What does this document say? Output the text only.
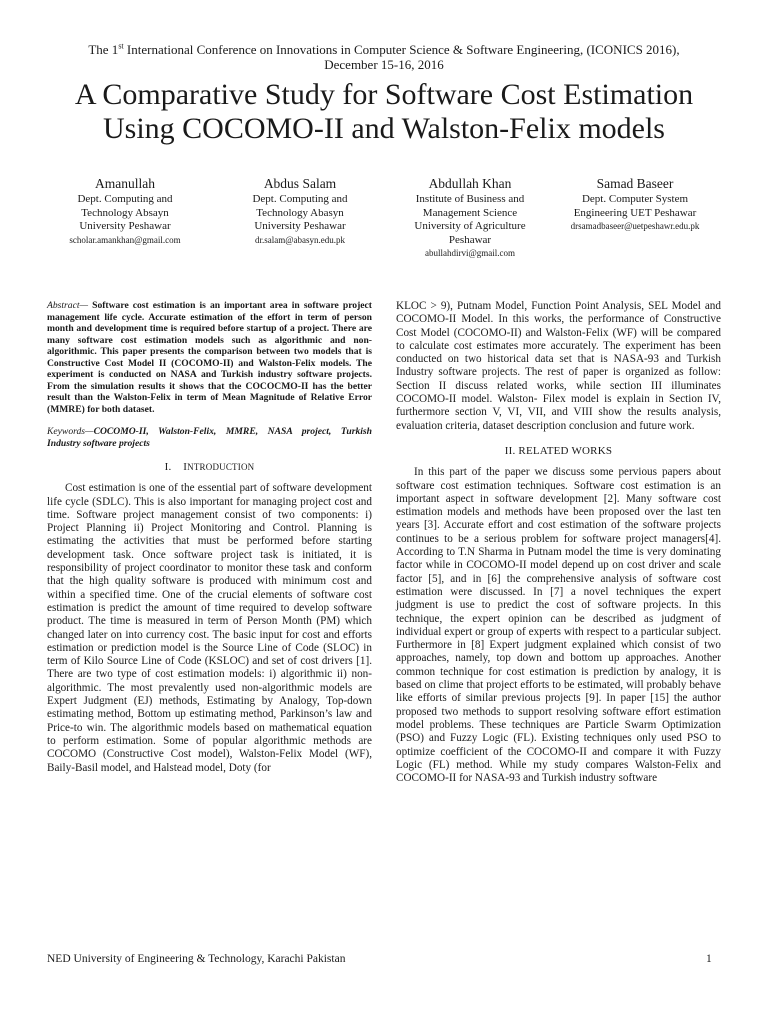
The 1st International Conference on Innovations in Computer Science & Software Engineering, (ICONICS 2016),
December 15-16, 2016
A Comparative Study for Software Cost Estimation
Using COCOMO-II and Walston-Felix models
Amanullah
Dept. Computing and
Technology Absayn
University Peshawar
scholar.amankhan@gmail.com
Abdus Salam
Dept. Computing and
Technology Abasyn
University Peshawar
dr.salam@abasyn.edu.pk
Abdullah Khan
Institute of Business and
Management Science
University of Agriculture
Peshawar
abullahdirvi@gmail.com
Samad Baseer
Dept. Computer System
Engineering UET Peshawar
drsamadbaseer@uetpeshawr.edu.pk

Abstract— Software cost estimation is an important area in software project management life cycle. Accurate estimation of the effort in term of person month and development time is required before startup of a project. There are many software cost estimation models such as algorithmic and non-algorithmic. This paper presents the comparison between two models that is Constructive Cost Model II (COCOMO-II) and Walston-Felix models. The experiment is conducted on NASA and Turkish industry software projects. From the simulation results it shows that the COCOCMO-II has the better result than the Walston-Felix in term of Mean Magnitude of Relative Error (MMRE) for both dataset.

Keywords—COCOMO-II, Walston-Felix, MMRE, NASA project, Turkish Industry software projects

I. INTRODUCTION

Cost estimation is one of the essential part of software development life cycle (SDLC). This is also important for managing project cost and time. Software project management consist of two components: i) Project Planning ii) Project Monitoring and Control. Planning is estimating the activities that must be performed before starting development task. Once software project task is initiated, it is responsibility of project coordinator to monitor these task and conform that the high quality software is produced with minimum cost and within a specified time. One of the crucial elements of software cost estimation is predict the amount of time required to develop software product. The time is measured in term of Person Month (PM) which changed later on into currency cost. The basic input for cost and efforts estimation or prediction model is the Source Line of Code (SLOC) in term of Kilo Source Line of Code (KSLOC) and set of cost drivers [1]. There are two type of cost estimation models: i) algorithmic ii) non-algorithmic. The most prevalently used non-algorithmic models are Expert Judgment (EJ) methods, Estimating by Analogy, Top-down estimating method, Bottom up estimating method, Parkinson’s law and Price-to win. The algorithmic models based on mathematical equation to perform estimation. Some of popular algorithmic methods are COCOMO (Constructive Cost model), Walston-Felix Model (WF), Baily-Basil model, and Halstead model, Doty (for

KLOC > 9), Putnam Model, Function Point Analysis, SEL Model and COCOMO-II Model. In this works, the performance of Constructive Cost Model (COCOMO-II) and Walston-Felix (WF) will be compared to calculate cost estimates more accurately. The experiment has been conducted on two historical data set that is NASA-93 and Turkish Industry software projects. The rest of paper is organized as follow: Section II discuss related works, while section III illuminates COCOMO-II model. Walston- Filex model is explain in Section IV, furthermore section V, VI, VII, and VIII show the results analysis, evaluation criteria, dataset description conclusion and future work.

II. RELATED WORKS

In this part of the paper we discuss some pervious papers about software cost estimation techniques. Software cost estimation is an important aspect in software development [2]. Many software cost estimation models and methods have been proposed over the last ten years [3]. Accurate effort and cost estimation of the software projects continues to be a serious problem for software project managers[4]. According to T.N Sharma in Putnam model the time is very dominating factor while in COCOMO-II model depend up on cost driver and scale factor [5], and in [6] the comprehensive analysis of software cost estimation were discussed. In [7] a novel techniques the expert judgment is use to predict the cost of software projects. In this technique, the expert opinion can be described as judgment of individual expert or group of experts with respect to a particular subject. Furthermore in [8] Expert judgment explained which consist of two approaches, namely, top down and bottom up approaches. Another common technique for cost estimation is prediction by analogy, it is based on clime that project efforts to be estimated, will probably behave like efforts of similar previous projects [9]. In paper [15] the author proposed two methods to support resolving software effort estimation model problems. These techniques are Particle Swarm Optimization (PSO) and Fuzzy Logic (FL). Existing techniques only used PSO to optimize coefficient of the COCOMO-II and compare it with Fuzzy Logic (FL) method. While my study compares Walston-Felix and COCOMO-II for NASA-93 and Turkish industry software

NED University of Engineering & Technology, Karachi Pakistan	1
